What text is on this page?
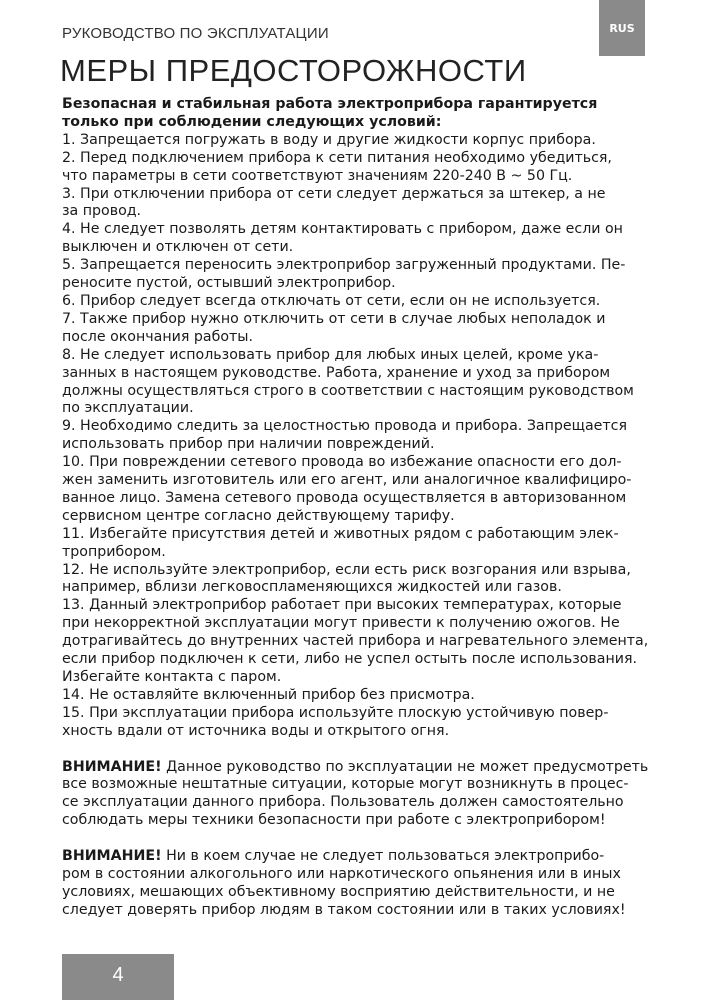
РУКОВОДСТВО ПО ЭКСПЛУАТАЦИИ	RUS
МЕРЫ ПРЕДОСТОРОЖНОСТИ
Безопасная и стабильная работа электроприбора гарантируется
только при соблюдении следующих условий:
1. Запрещается погружать в воду и другие жидкости корпус прибора.
2. Перед подключением прибора к сети питания необходимо убедиться,
что параметры в сети соответствуют значениям 220-240 В ~ 50 Гц.
3. При отключении прибора от сети следует держаться за штекер, а не
за провод.
4. Не следует позволять детям контактировать с прибором, даже если он
выключен и отключен от сети.
5. Запрещается переносить электроприбор загруженный продуктами. Пе-
реносите пустой, остывший электроприбор.
6. Прибор следует всегда отключать от сети, если он не используется.
7. Также прибор нужно отключить от сети в случае любых неполадок и
после окончания работы.
8. Не следует использовать прибор для любых иных целей, кроме ука-
занных в настоящем руководстве. Работа, хранение и уход за прибором
должны осуществляться строго в соответствии с настоящим руководством
по эксплуатации.
9. Необходимо следить за целостностью провода и прибора. Запрещается
использовать прибор при наличии повреждений.
10. При повреждении сетевого провода во избежание опасности его дол-
жен заменить изготовитель или его агент, или аналогичное квалифициро-
ванное лицо. Замена сетевого провода осуществляется в авторизованном
сервисном центре согласно действующему тарифу.
11. Избегайте присутствия детей и животных рядом с работающим элек-
троприбором.
12. Не используйте электроприбор, если есть риск возгорания или взрыва,
например, вблизи легковоспламеняющихся жидкостей или газов.
13. Данный электроприбор работает при высоких температурах, которые
при некорректной эксплуатации могут привести к получению ожогов. Не
дотрагивайтесь до внутренних частей прибора и нагревательного элемента,
если прибор подключен к сети, либо не успел остыть после использования.
Избегайте контакта с паром.
14. Не оставляйте включенный прибор без присмотра.
15. При эксплуатации прибора используйте плоскую устойчивую повер-
хность вдали от источника воды и открытого огня.
ВНИМАНИЕ! Данное руководство по эксплуатации не может предусмотреть
все возможные нештатные ситуации, которые могут возникнуть в процес-
се эксплуатации данного прибора. Пользователь должен самостоятельно
соблюдать меры техники безопасности при работе с электроприбором!
ВНИМАНИЕ! Ни в коем случае не следует пользоваться электроприбо-
ром в состоянии алкогольного или наркотического опьянения или в иных
условиях, мешающих объективному восприятию действительности, и не
следует доверять прибор людям в таком состоянии или в таких условиях!
4
